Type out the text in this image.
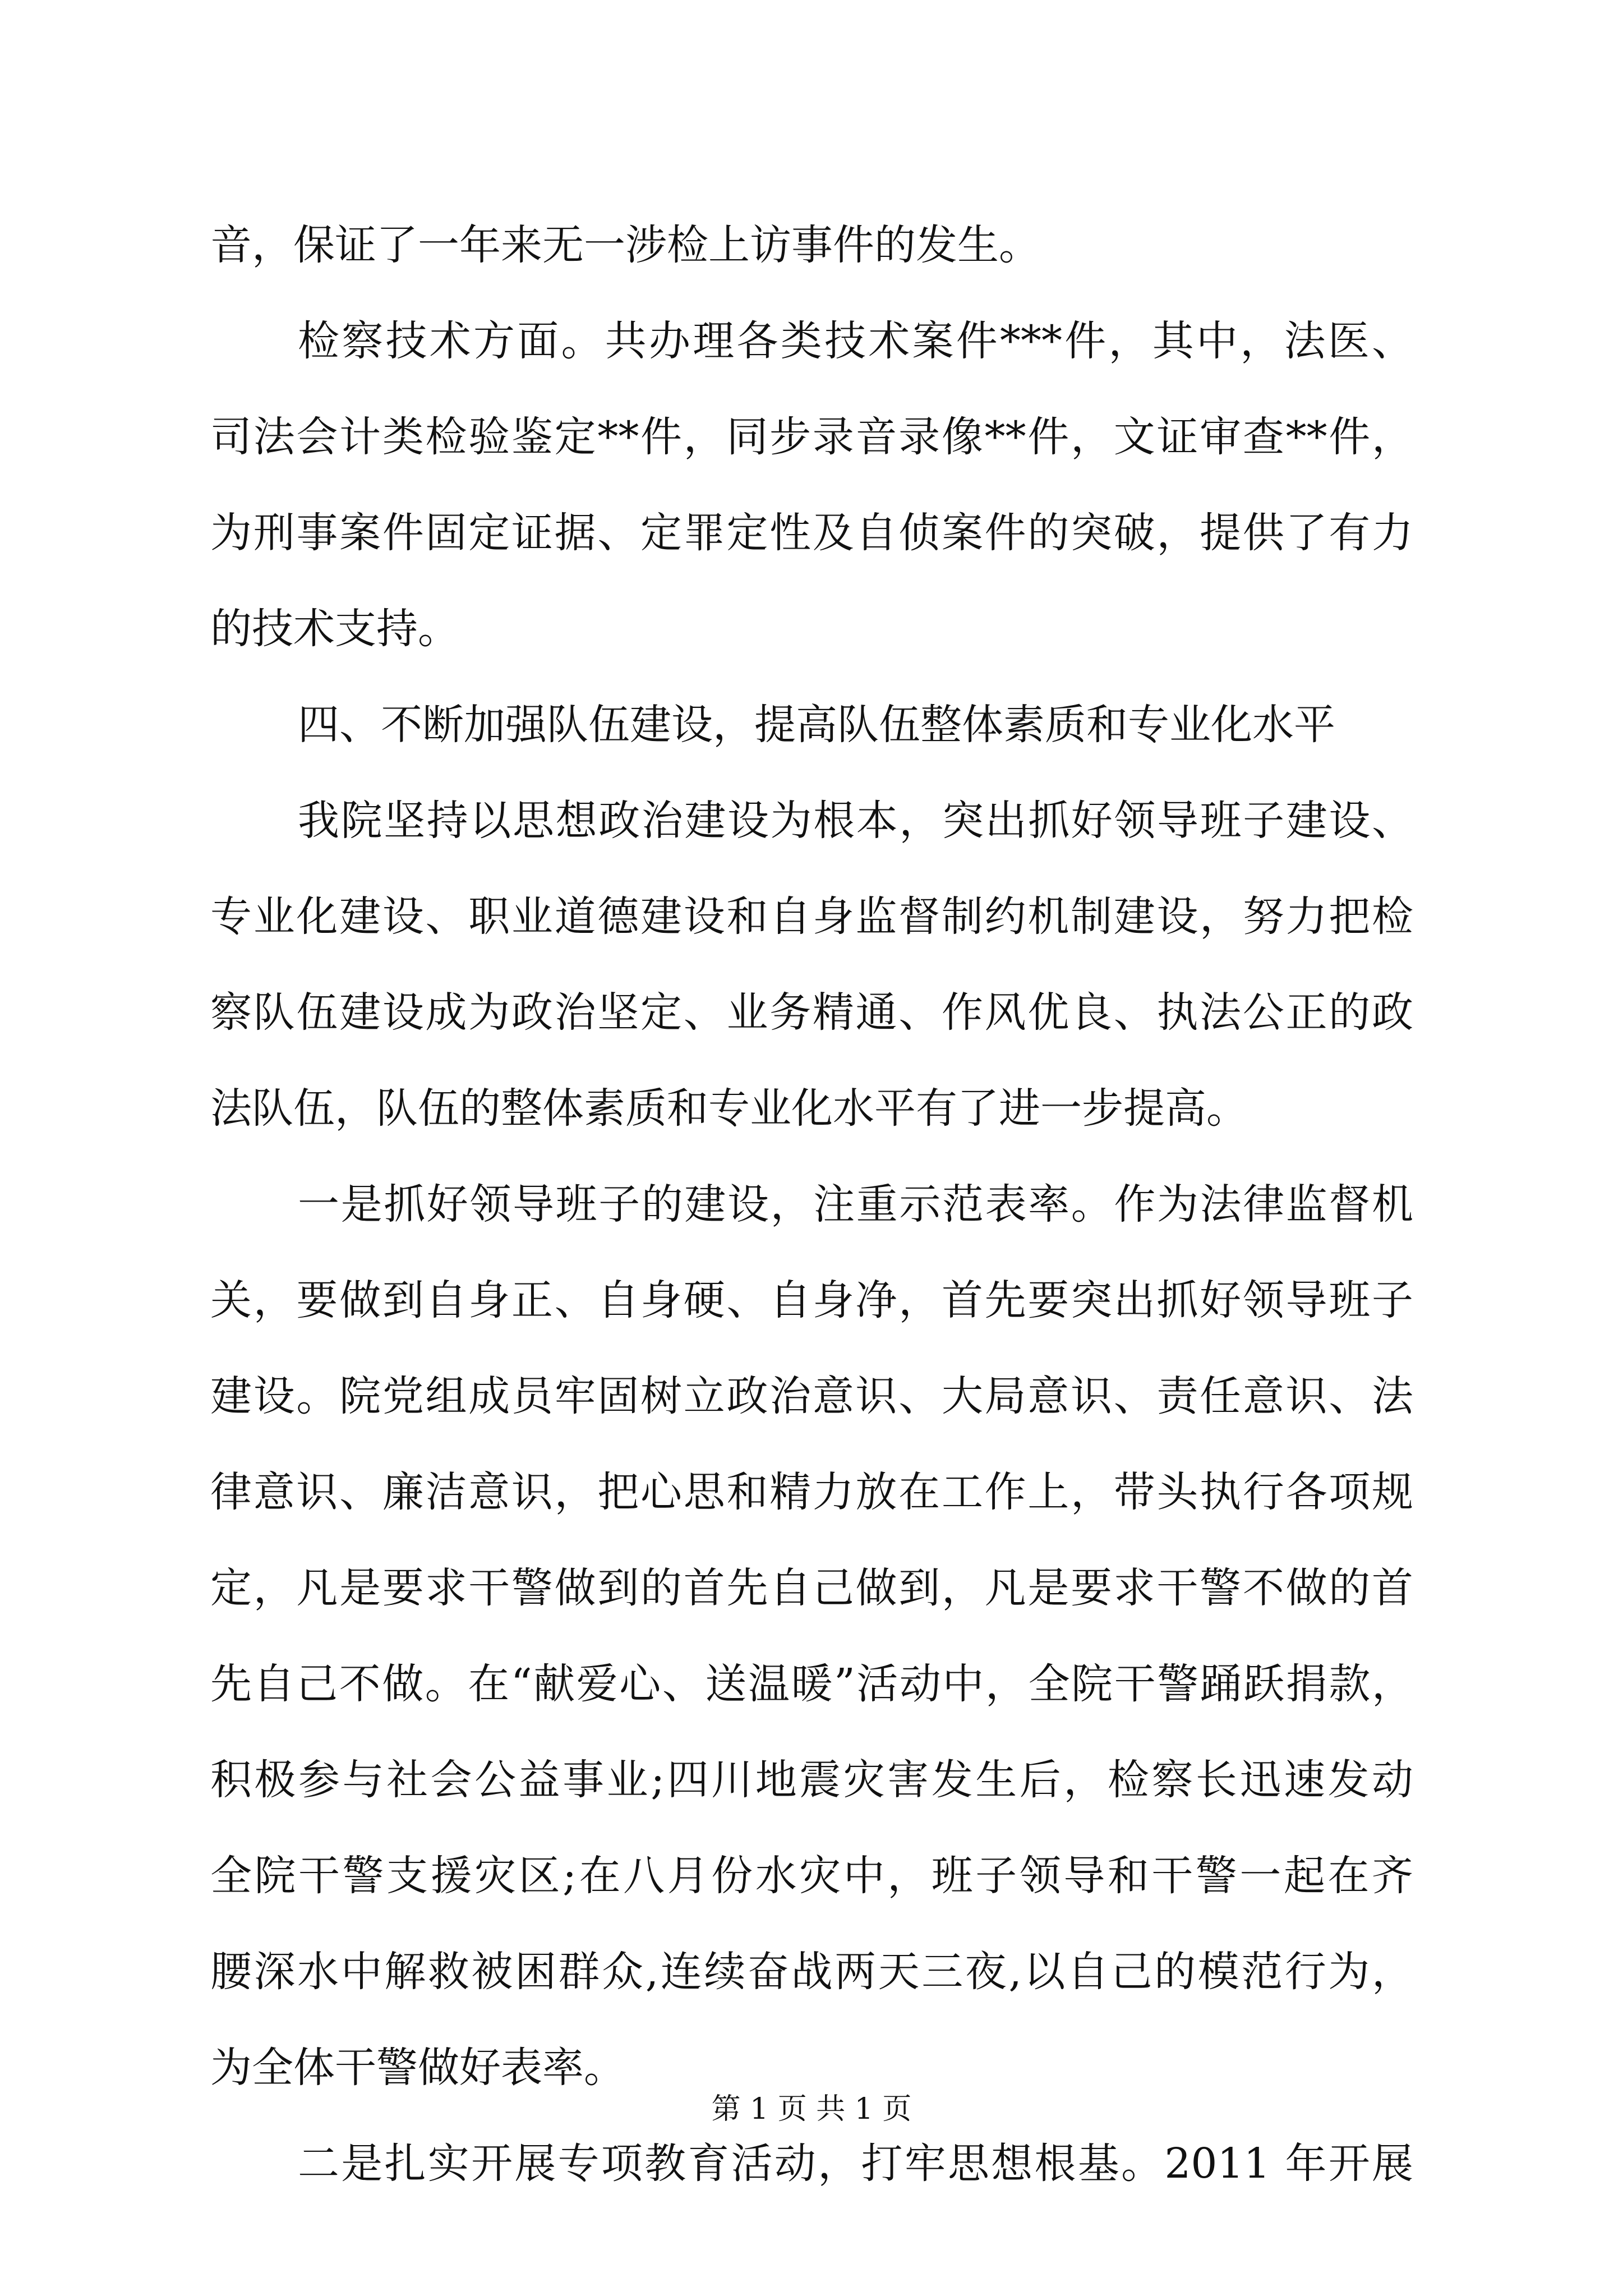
音，保证了一年来无一涉检上访事件的发生。
检察技术方面。共办理各类技术案件***件，其中，法医、
司法会计类检验鉴定**件，同步录音录像**件，文证审查**件，
为刑事案件固定证据、定罪定性及自侦案件的突破，提供了有力
的技术支持。
四、不断加强队伍建设，提高队伍整体素质和专业化水平
我院坚持以思想政治建设为根本，突出抓好领导班子建设、
专业化建设、职业道德建设和自身监督制约机制建设，努力把检
察队伍建设成为政治坚定、业务精通、作风优良、执法公正的政
法队伍，队伍的整体素质和专业化水平有了进一步提高。
一是抓好领导班子的建设，注重示范表率。作为法律监督机
关，要做到自身正、自身硬、自身净，首先要突出抓好领导班子
建设。院党组成员牢固树立政治意识、大局意识、责任意识、法
律意识、廉洁意识，把心思和精力放在工作上，带头执行各项规
定，凡是要求干警做到的首先自己做到，凡是要求干警不做的首
先自己不做。在“献爱心、送温暖”活动中，全院干警踊跃捐款，
积极参与社会公益事业;四川地震灾害发生后，检察长迅速发动
全院干警支援灾区;在八月份水灾中，班子领导和干警一起在齐
腰深水中解救被困群众,连续奋战两天三夜,以自己的模范行为，
为全体干警做好表率。
二是扎实开展专项教育活动，打牢思想根基。2011 年开展
第 1 页 共 1 页
